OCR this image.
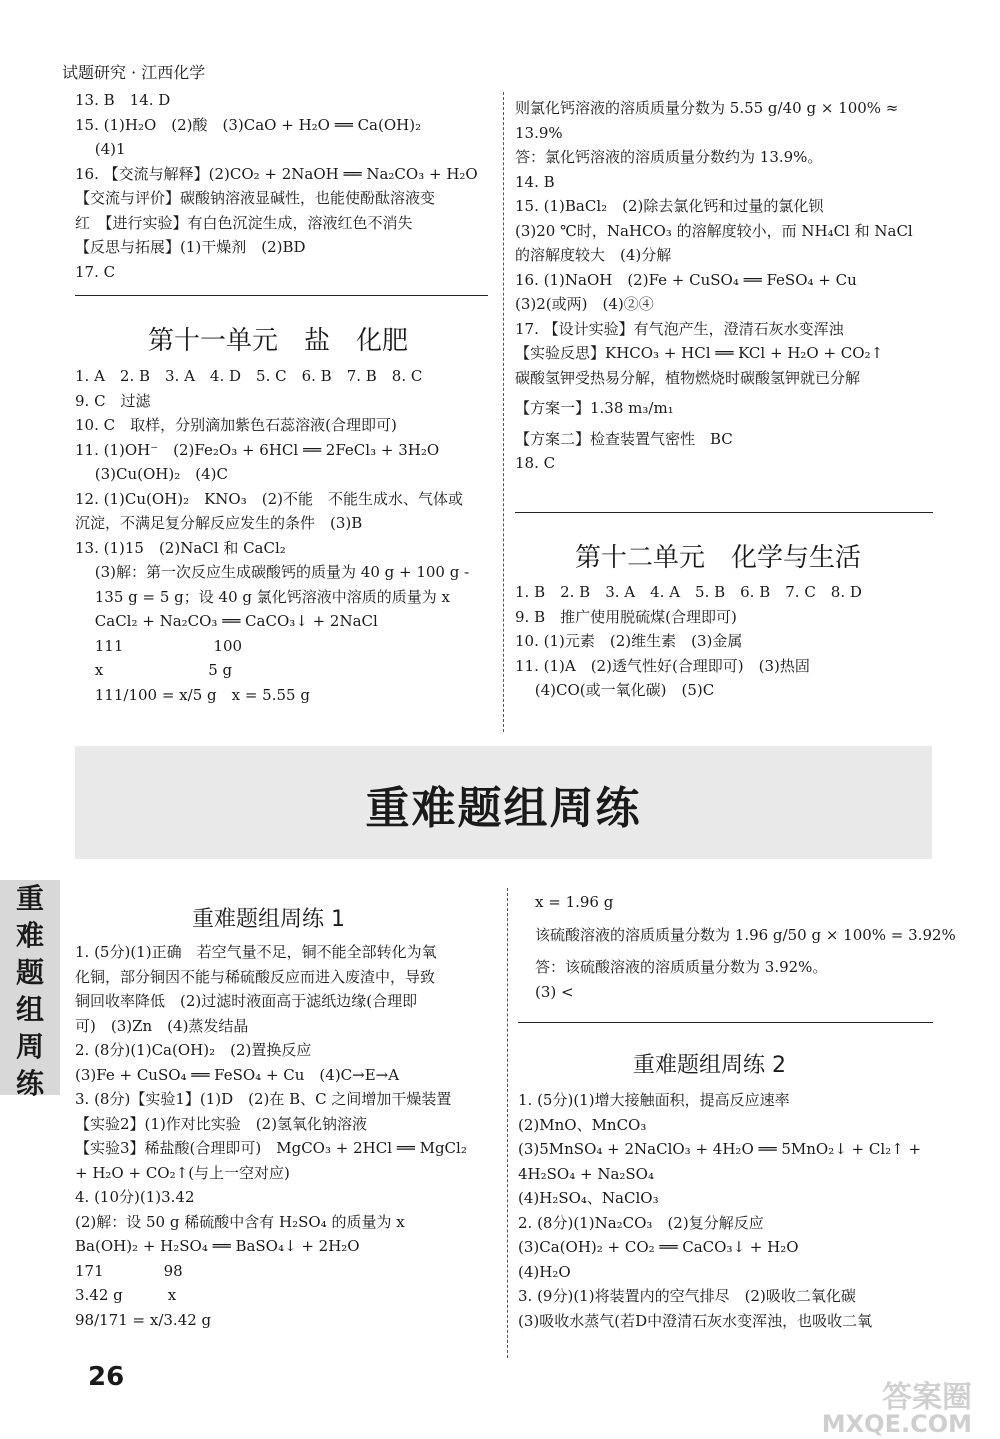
试题研究 · 江西化学
13. B　14. D
15. (1)H₂O　(2)酸　(3)CaO + H₂O ══ Ca(OH)₂
　 (4)1
16. 【交流与解释】(2)CO₂ + 2NaOH ══ Na₂CO₃ + H₂O
【交流与评价】碳酸钠溶液显碱性，也能使酚酞溶液变
红　【进行实验】有白色沉淀生成，溶液红色不消失
【反思与拓展】(1)干燥剂　(2)BD
17. C
第十一单元　盐　化肥
1. A　2. B　3. A　4. D　5. C　6. B　7. B　8. C
9. C　过滤
10. C　取样，分别滴加紫色石蕊溶液(合理即可)
11. (1)OH⁻　(2)Fe₂O₃ + 6HCl ══ 2FeCl₃ + 3H₂O
　 (3)Cu(OH)₂　(4)C
12. (1)Cu(OH)₂　KNO₃　(2)不能　不能生成水、气体或
沉淀，不满足复分解反应发生的条件　(3)B
13. (1)15　(2)NaCl 和 CaCl₂
　 (3)解：第一次反应生成碳酸钙的质量为 40 g + 100 g -
　 135 g = 5 g；设 40 g 氯化钙溶液中溶质的质量为 x
　 CaCl₂ + Na₂CO₃ ══ CaCO₃↓ + 2NaCl
　 111　　　　　　100
　 x　　　　　　　5 g
　 111/100 = x/5 g　x = 5.55 g
则氯化钙溶液的溶质质量分数为 5.55 g/40 g × 100% ≈
13.9%
答：氯化钙溶液的溶质质量分数约为 13.9%。
14. B
15. (1)BaCl₂　(2)除去氯化钙和过量的氯化钡
(3)20 ℃时，NaHCO₃ 的溶解度较小，而 NH₄Cl 和 NaCl
的溶解度较大　(4)分解
16. (1)NaOH　(2)Fe + CuSO₄ ══ FeSO₄ + Cu
(3)2(或两)　(4)②④
17. 【设计实验】有气泡产生，澄清石灰水变浑浊
【实验反思】KHCO₃ + HCl ══ KCl + H₂O + CO₂↑
碳酸氢钾受热易分解，植物燃烧时碳酸氢钾就已分解
【方案一】1.38 m₃/m₁
【方案二】检查装置气密性　BC
18. C
第十二单元　化学与生活
1. B　2. B　3. A　4. A　5. B　6. B　7. C　8. D
9. B　推广使用脱硫煤(合理即可)
10. (1)元素　(2)维生素　(3)金属
11. (1)A　(2)透气性好(合理即可)　(3)热固
　 (4)CO(或一氧化碳)　(5)C
重难题组周练
重
难
题
组
周
练
重难题组周练 1
1. (5分)(1)正确　若空气量不足，铜不能全部转化为氧
化铜，部分铜因不能与稀硫酸反应而进入废渣中，导致
铜回收率降低　(2)过滤时液面高于滤纸边缘(合理即
可)　(3)Zn　(4)蒸发结晶
2. (8分)(1)Ca(OH)₂　(2)置换反应
(3)Fe + CuSO₄ ══ FeSO₄ + Cu　(4)C→E→A
3. (8分)【实验1】(1)D　(2)在 B、C 之间增加干燥装置
【实验2】(1)作对比实验　(2)氢氧化钠溶液
【实验3】稀盐酸(合理即可)　MgCO₃ + 2HCl ══ MgCl₂
+ H₂O + CO₂↑(与上一空对应)
4. (10分)(1)3.42
(2)解：设 50 g 稀硫酸中含有 H₂SO₄ 的质量为 x
Ba(OH)₂ + H₂SO₄ ══ BaSO₄↓ + 2H₂O
171　　　　98
3.42 g　　　x
98/171 = x/3.42 g
x = 1.96 g
该硫酸溶液的溶质质量分数为 1.96 g/50 g × 100% = 3.92%
答：该硫酸溶液的溶质质量分数为 3.92%。
(3) <
重难题组周练 2
1. (5分)(1)增大接触面积，提高反应速率
(2)MnO、MnCO₃
(3)5MnSO₄ + 2NaClO₃ + 4H₂O ══ 5MnO₂↓ + Cl₂↑ +
4H₂SO₄ + Na₂SO₄
(4)H₂SO₄、NaClO₃
2. (8分)(1)Na₂CO₃　(2)复分解反应
(3)Ca(OH)₂ + CO₂ ══ CaCO₃↓ + H₂O
(4)H₂O
3. (9分)(1)将装置内的空气排尽　(2)吸收二氧化碳
(3)吸收水蒸气(若D中澄清石灰水变浑浊，也吸收二氧
26
答案圈
MXQE.COM
